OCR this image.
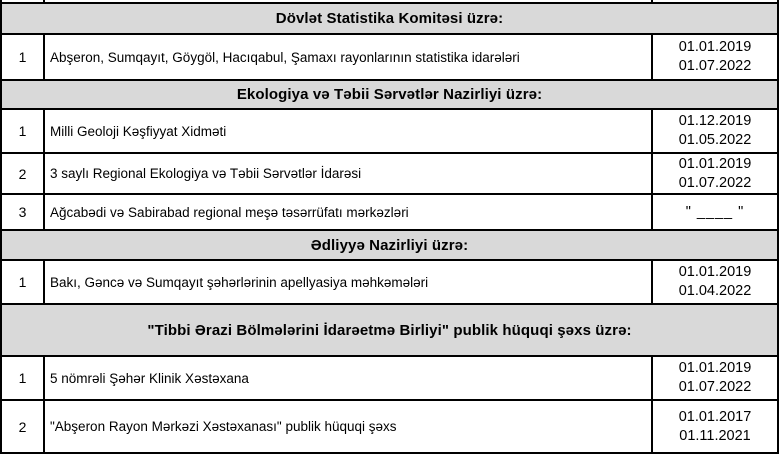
Dövlət Statistika Komitəsi üzrə:		
1	Abşeron, Sumqayıt, Göygöl, Hacıqabul, Şamaxı rayonlarının statistika idarələri	01.01.2019
01.07.2022

Ekologiya və Təbii Sərvətlər Nazirliyi üzrə:		
1	Milli Geoloji Kəşfiyyat Xidməti	01.12.2019
01.05.2022

2	3 saylı Regional Ekologiya və Təbii Sərvətlər İdarəsi	01.01.2019
01.07.2022

3	Ağcabədi və Sabirabad regional meşə təsərrüfatı mərkəzləri	" ____ "

Ədliyyə Nazirliyi üzrə:		
1	Bakı, Gəncə və Sumqayıt şəhərlərinin apellyasiya məhkəmələri	01.01.2019
01.04.2022

"Tibbi Ərazi Bölmələrini İdarəetmə Birliyi" publik hüquqi şəxs üzrə:		
1	5 nömrəli Şəhər Klinik Xəstəxana	01.01.2019
01.07.2022

2	"Abşeron Rayon Mərkəzi Xəstəxanası" publik hüquqi şəxs	01.01.2017
01.11.2021
